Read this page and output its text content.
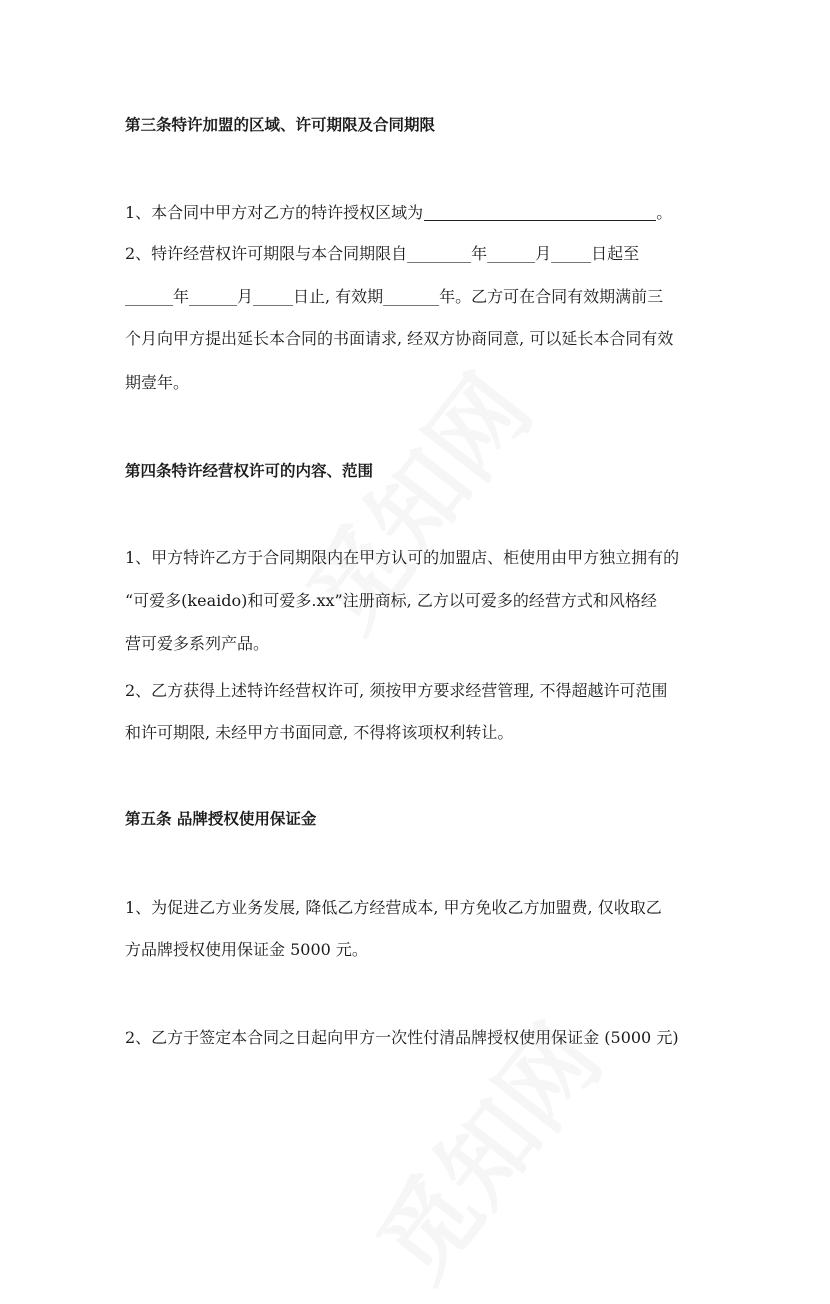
第三条特许加盟的区域、许可期限及合同期限
1、本合同中甲方对乙方的特许授权区域为	。
2、特许经营权许可期限与本合同期限自________年______月_____日起至
______年______月_____日止, 有效期_______年。乙方可在合同有效期满前三
个月向甲方提出延长本合同的书面请求, 经双方协商同意, 可以延长本合同有效
期壹年。
第四条特许经营权许可的内容、范围
1、甲方特许乙方于合同期限内在甲方认可的加盟店、柜使用由甲方独立拥有的
“可爱多(keaido)和可爱多.xx”注册商标, 乙方以可爱多的经营方式和风格经
营可爱多系列产品。
2、乙方获得上述特许经营权许可, 须按甲方要求经营管理, 不得超越许可范围
和许可期限, 未经甲方书面同意, 不得将该项权利转让。
第五条 品牌授权使用保证金
1、为促进乙方业务发展, 降低乙方经营成本, 甲方免收乙方加盟费, 仅收取乙
方品牌授权使用保证金 5000 元。
2、乙方于签定本合同之日起向甲方一次性付清品牌授权使用保证金 (5000 元)
